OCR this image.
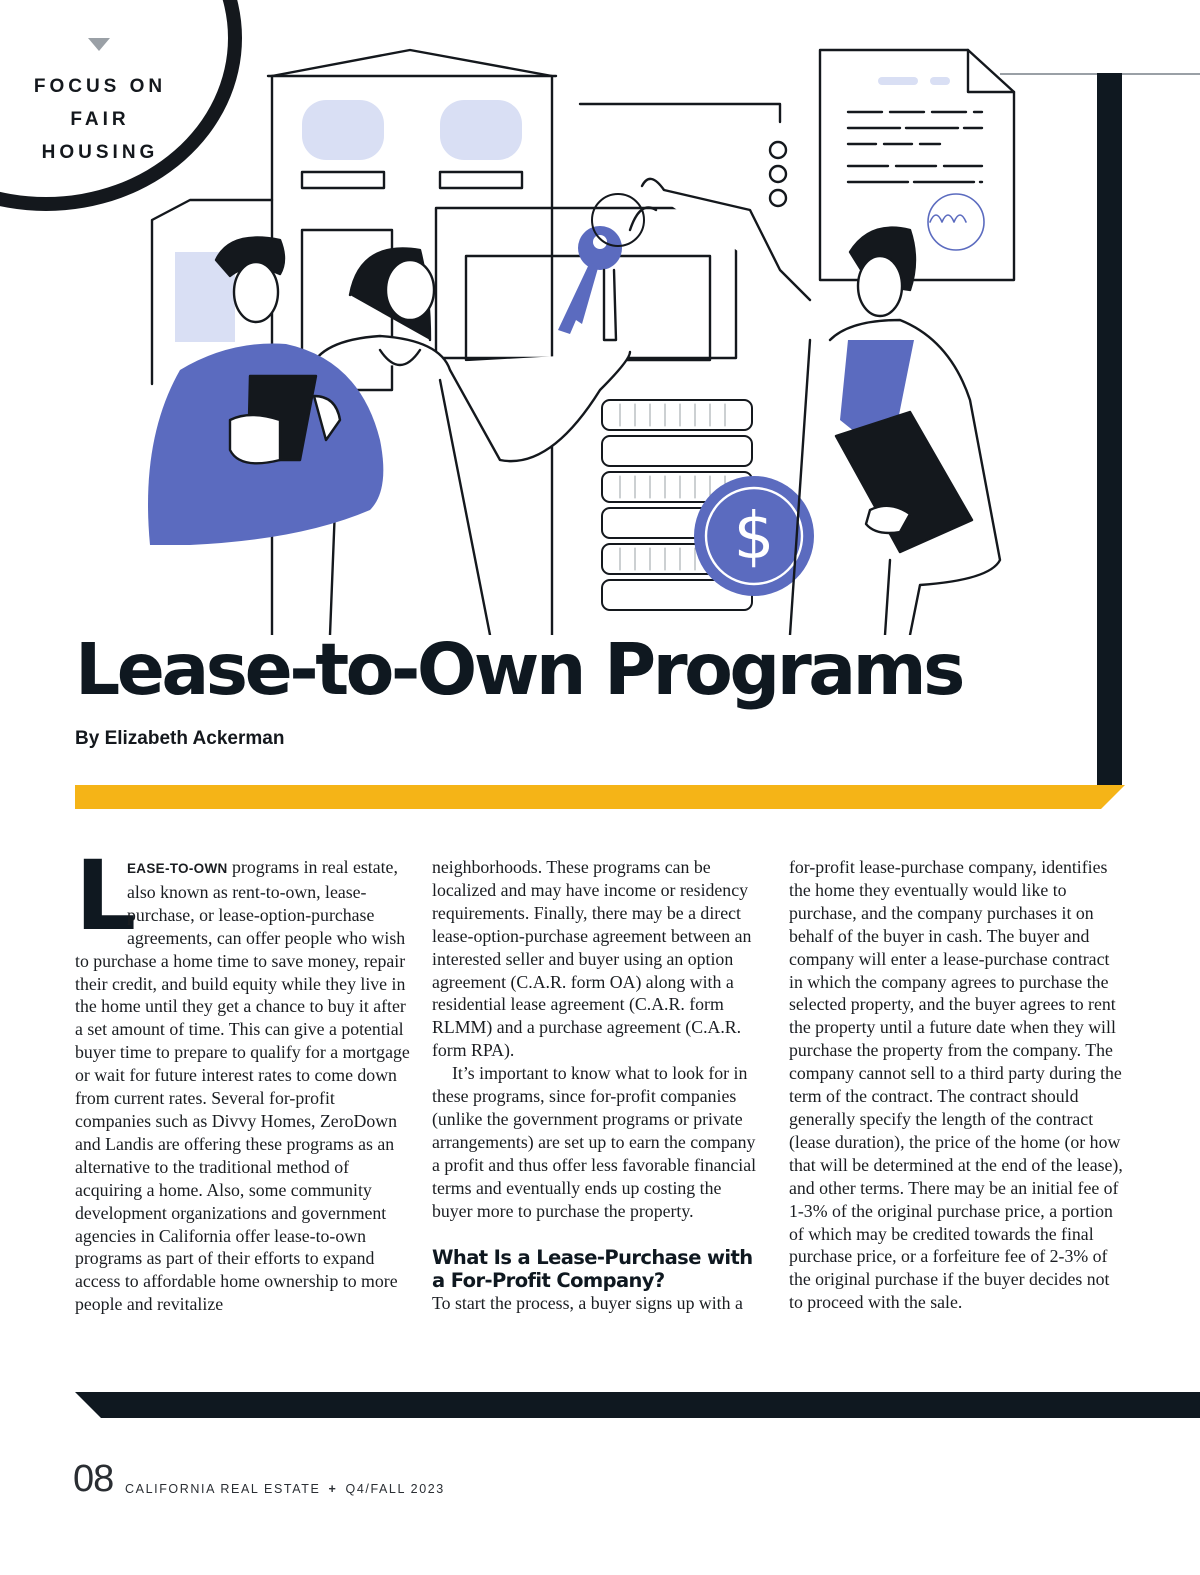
FOCUS ON
FAIR
HOUSING
$
Lease-to-Own Programs
By Elizabeth Ackerman

L
EASE-TO-OWN programs in real estate, also known as rent-to-own, lease-purchase, or lease-option-purchase agreements, can offer people who wish to purchase a home time to save money, repair their credit, and build equity while they live in the home until they get a chance to buy it after a set amount of time. This can give a potential buyer time to prepare to qualify for a mortgage or wait for future interest rates to come down from current rates. Several for-profit companies such as Divvy Homes, ZeroDown and Landis are offering these programs as an alternative to the traditional method of acquiring a home. Also, some community development organizations and government agencies in California offer lease-to-own programs as part of their efforts to expand access to affordable home ownership to more people and revitalize

neighborhoods. These programs can be localized and may have income or residency requirements. Finally, there may be a direct lease-option-purchase agreement between an interested seller and buyer using an option agreement (C.A.R. form OA) along with a residential lease agreement (C.A.R. form RLMM) and a purchase agreement (C.A.R. form RPA).

It’s important to know what to look for in these programs, since for-profit companies (unlike the government programs or private arrangements) are set up to earn the company a profit and thus offer less favorable financial terms and eventually ends up costing the buyer more to purchase the property.

What Is a Lease-Purchase with a For-Profit Company?

To start the process, a buyer signs up with a

for-profit lease-purchase company, identifies the home they eventually would like to purchase, and the company purchases it on behalf of the buyer in cash. The buyer and company will enter a lease-purchase contract in which the company agrees to purchase the selected property, and the buyer agrees to rent the property until a future date when they will purchase the property from the company. The company cannot sell to a third party during the term of the contract. The contract should generally specify the length of the contract (lease duration), the price of the home (or how that will be determined at the end of the lease), and other terms. There may be an initial fee of 1-3% of the original purchase price, a portion of which may be credited towards the final purchase price, or a forfeiture fee of 2-3% of the original purchase if the buyer decides not to proceed with the sale.

08 CALIFORNIA REAL ESTATE + Q4/FALL 2023
